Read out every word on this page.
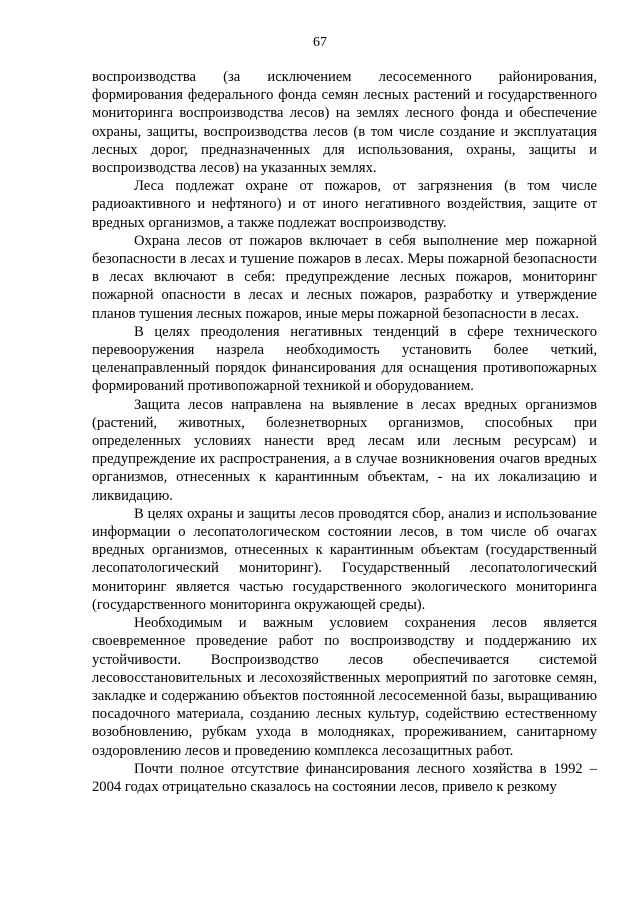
67

воспроизводства (за исключением лесосеменного районирования, формирования федерального фонда семян лесных растений и государственного мониторинга воспроизводства лесов) на землях лесного фонда и обеспечение охраны, защиты, воспроизводства лесов (в том числе создание и эксплуатация лесных дорог, предназначенных для использования, охраны, защиты и воспроизводства лесов) на указанных землях.

Леса подлежат охране от пожаров, от загрязнения (в том числе радиоактивного и нефтяного) и от иного негативного воздействия, защите от вредных организмов, а также подлежат воспроизводству.

Охрана лесов от пожаров включает в себя выполнение мер пожарной безопасности в лесах и тушение пожаров в лесах. Меры пожарной безопасности в лесах включают в себя: предупреждение лесных пожаров, мониторинг пожарной опасности в лесах и лесных пожаров, разработку и утверждение планов тушения лесных пожаров, иные меры пожарной безопасности в лесах.

В целях преодоления негативных тенденций в сфере технического перевооружения назрела необходимость установить более четкий, целенаправленный порядок финансирования для оснащения противопожарных формирований противопожарной техникой и оборудованием.

Защита лесов направлена на выявление в лесах вредных организмов (растений, животных, болезнетворных организмов, способных при определенных условиях нанести вред лесам или лесным ресурсам) и предупреждение их распространения, а в случае возникновения очагов вредных организмов, отнесенных к карантинным объектам, - на их локализацию и ликвидацию.

В целях охраны и защиты лесов проводятся сбор, анализ и использование информации о лесопатологическом состоянии лесов, в том числе об очагах вредных организмов, отнесенных к карантинным объектам (государственный лесопатологический мониторинг). Государственный лесопатологический мониторинг является частью государственного экологического мониторинга (государственного мониторинга окружающей среды).

Необходимым и важным условием сохранения лесов является своевременное проведение работ по воспроизводству и поддержанию их устойчивости. Воспроизводство лесов обеспечивается системой лесовосстановительных и лесохозяйственных мероприятий по заготовке семян, закладке и содержанию объектов постоянной лесосеменной базы, выращиванию посадочного материала, созданию лесных культур, содействию естественному возобновлению, рубкам ухода в молодняках, прореживанием, санитарному оздоровлению лесов и проведению комплекса лесозащитных работ.

Почти полное отсутствие финансирования лесного хозяйства в 1992 – 2004 годах отрицательно сказалось на состоянии лесов, привело к резкому
